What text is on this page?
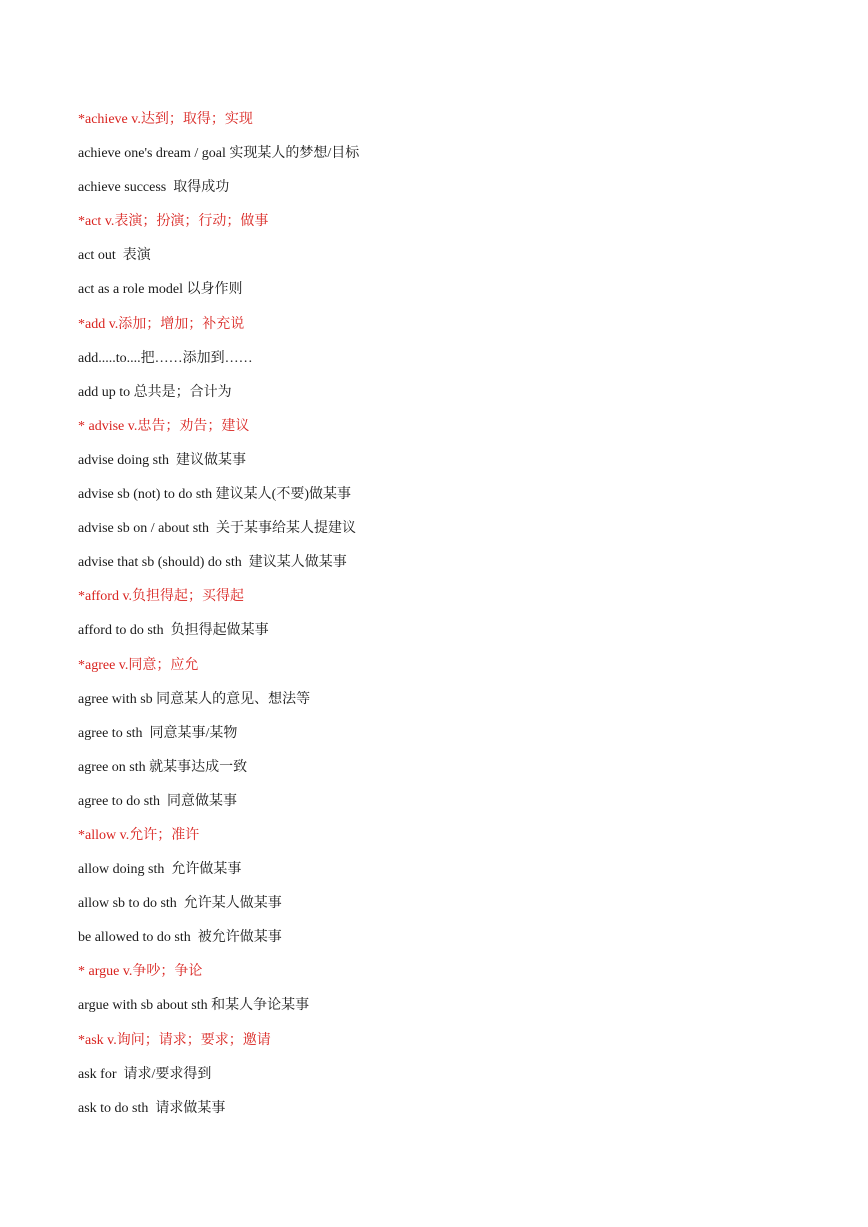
*achieve v.达到；取得；实现
achieve one's dream / goal 实现某人的梦想/目标
achieve success  取得成功
*act v.表演；扮演；行动；做事
act out  表演
act as a role model 以身作则
*add v.添加；增加；补充说
add.....to....把……添加到……
add up to 总共是；合计为
* advise v.忠告；劝告；建议
advise doing sth  建议做某事
advise sb (not) to do sth 建议某人(不要)做某事
advise sb on / about sth  关于某事给某人提建议
advise that sb (should) do sth  建议某人做某事
*afford v.负担得起；买得起
afford to do sth  负担得起做某事
*agree v.同意；应允
agree with sb 同意某人的意见、想法等
agree to sth  同意某事/某物
agree on sth 就某事达成一致
agree to do sth  同意做某事
*allow v.允许；准许
allow doing sth  允许做某事
allow sb to do sth  允许某人做某事
be allowed to do sth  被允许做某事
* argue v.争吵；争论
argue with sb about sth 和某人争论某事
*ask v.询问；请求；要求；邀请
ask for  请求/要求得到
ask to do sth  请求做某事
